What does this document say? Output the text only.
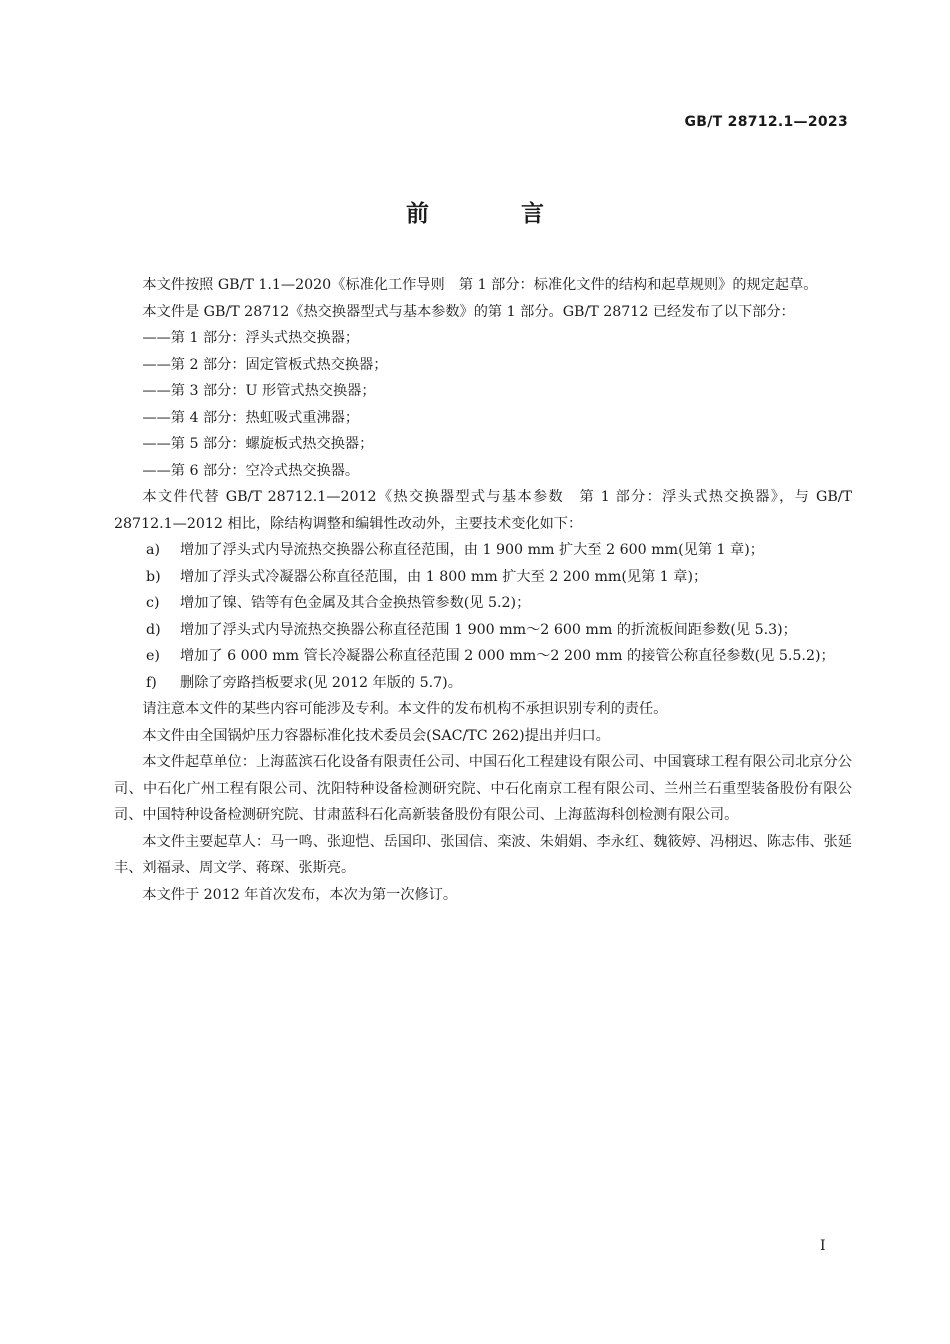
GB/T 28712.1—2023
前 言

本文件按照 GB/T 1.1—2020《标准化工作导则　第 1 部分：标准化文件的结构和起草规则》的规定起草。

本文件是 GB/T 28712《热交换器型式与基本参数》的第 1 部分。GB/T 28712 已经发布了以下部分：

——第 1 部分：浮头式热交换器；

——第 2 部分：固定管板式热交换器；

——第 3 部分：U 形管式热交换器；

——第 4 部分：热虹吸式重沸器；

——第 5 部分：螺旋板式热交换器；

——第 6 部分：空冷式热交换器。

本文件代替 GB/T 28712.1—2012《热交换器型式与基本参数　第 1 部分：浮头式热交换器》，与 GB/T 28712.1—2012 相比，除结构调整和编辑性改动外，主要技术变化如下：

a) 增加了浮头式内导流热交换器公称直径范围，由 1 900 mm 扩大至 2 600 mm(见第 1 章)；

b) 增加了浮头式冷凝器公称直径范围，由 1 800 mm 扩大至 2 200 mm(见第 1 章)；

c) 增加了镍、锆等有色金属及其合金换热管参数(见 5.2)；

d) 增加了浮头式内导流热交换器公称直径范围 1 900 mm～2 600 mm 的折流板间距参数(见 5.3)；

e) 增加了 6 000 mm 管长冷凝器公称直径范围 2 000 mm～2 200 mm 的接管公称直径参数(见 5.5.2)；

f) 删除了旁路挡板要求(见 2012 年版的 5.7)。

请注意本文件的某些内容可能涉及专利。本文件的发布机构不承担识别专利的责任。

本文件由全国锅炉压力容器标准化技术委员会(SAC/TC 262)提出并归口。

本文件起草单位：上海蓝滨石化设备有限责任公司、中国石化工程建设有限公司、中国寰球工程有限公司北京分公司、中石化广州工程有限公司、沈阳特种设备检测研究院、中石化南京工程有限公司、兰州兰石重型装备股份有限公司、中国特种设备检测研究院、甘肃蓝科石化高新装备股份有限公司、上海蓝海科创检测有限公司。

本文件主要起草人：马一鸣、张迎恺、岳国印、张国信、栾波、朱娟娟、李永红、魏筱婷、冯栩迟、陈志伟、张延丰、刘福录、周文学、蒋琛、张斯亮。

本文件于 2012 年首次发布，本次为第一次修订。

I
